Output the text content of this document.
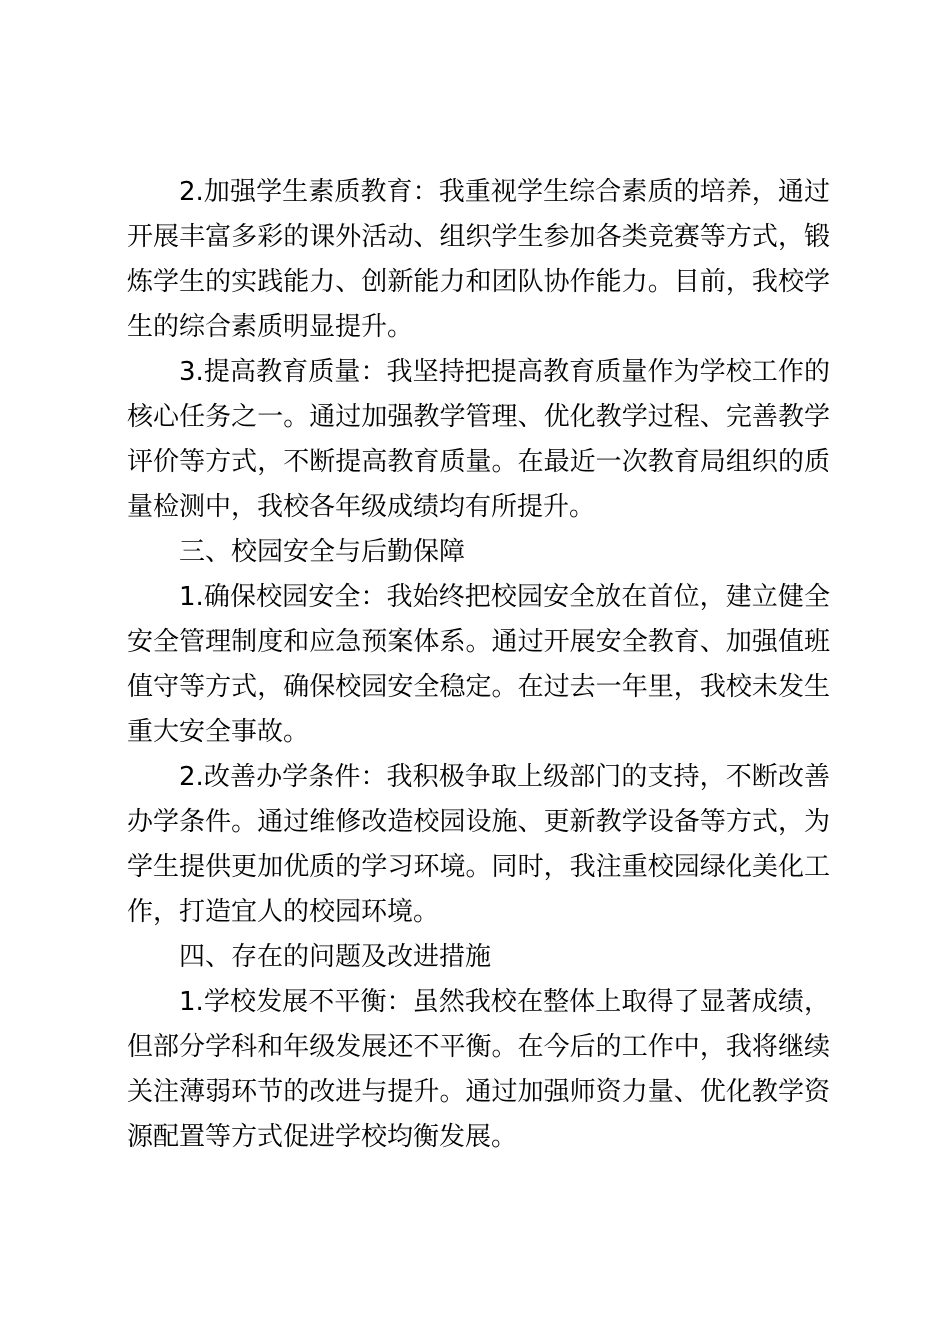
2.加强学生素质教育：我重视学生综合素质的培养，通过开展丰富多彩的课外活动、组织学生参加各类竞赛等方式，锻炼学生的实践能力、创新能力和团队协作能力。目前，我校学生的综合素质明显提升。

3.提高教育质量：我坚持把提高教育质量作为学校工作的核心任务之一。通过加强教学管理、优化教学过程、完善教学评价等方式，不断提高教育质量。在最近一次教育局组织的质量检测中，我校各年级成绩均有所提升。

三、校园安全与后勤保障

1.确保校园安全：我始终把校园安全放在首位，建立健全安全管理制度和应急预案体系。通过开展安全教育、加强值班值守等方式，确保校园安全稳定。在过去一年里，我校未发生重大安全事故。

2.改善办学条件：我积极争取上级部门的支持，不断改善办学条件。通过维修改造校园设施、更新教学设备等方式，为学生提供更加优质的学习环境。同时，我注重校园绿化美化工作，打造宜人的校园环境。

四、存在的问题及改进措施

1.学校发展不平衡：虽然我校在整体上取得了显著成绩，但部分学科和年级发展还不平衡。在今后的工作中，我将继续关注薄弱环节的改进与提升。通过加强师资力量、优化教学资源配置等方式促进学校均衡发展。
